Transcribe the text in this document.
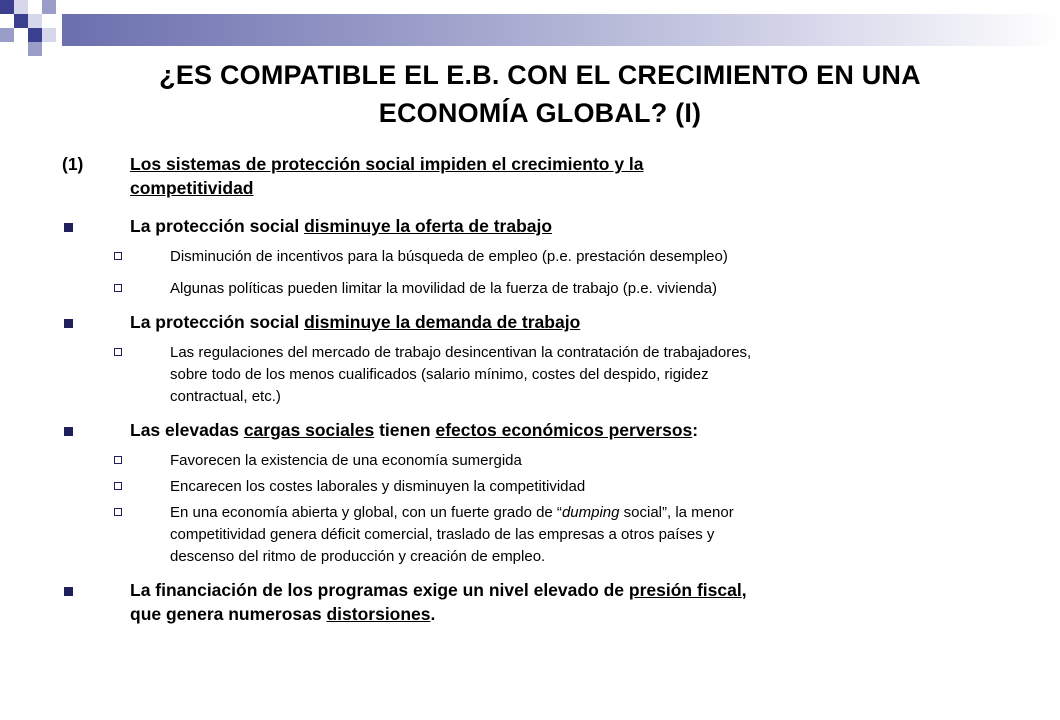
¿ES COMPATIBLE EL E.B. CON EL CRECIMIENTO EN UNA
ECONOMÍA GLOBAL? (I)
(1)	Los sistemas de protección social impiden el crecimiento y la
competitividad
La protección social disminuye la oferta de trabajo
Disminución de incentivos para la búsqueda de empleo (p.e. prestación desempleo)
Algunas políticas pueden limitar la movilidad de la fuerza de trabajo (p.e. vivienda)
La protección social disminuye la demanda de trabajo
Las regulaciones del mercado de trabajo desincentivan la contratación de trabajadores,
sobre todo de los menos cualificados (salario mínimo, costes del despido, rigidez
contractual, etc.)
Las elevadas cargas sociales tienen efectos económicos perversos:
Favorecen la existencia de una economía sumergida
Encarecen los costes laborales y disminuyen la competitividad
En una economía abierta y global, con un fuerte grado de “dumping social”, la menor
competitividad genera déficit comercial, traslado de las empresas a otros países y
descenso del ritmo de producción y creación de empleo.
La financiación de los programas exige un nivel elevado de presión fiscal,
que genera numerosas distorsiones.
